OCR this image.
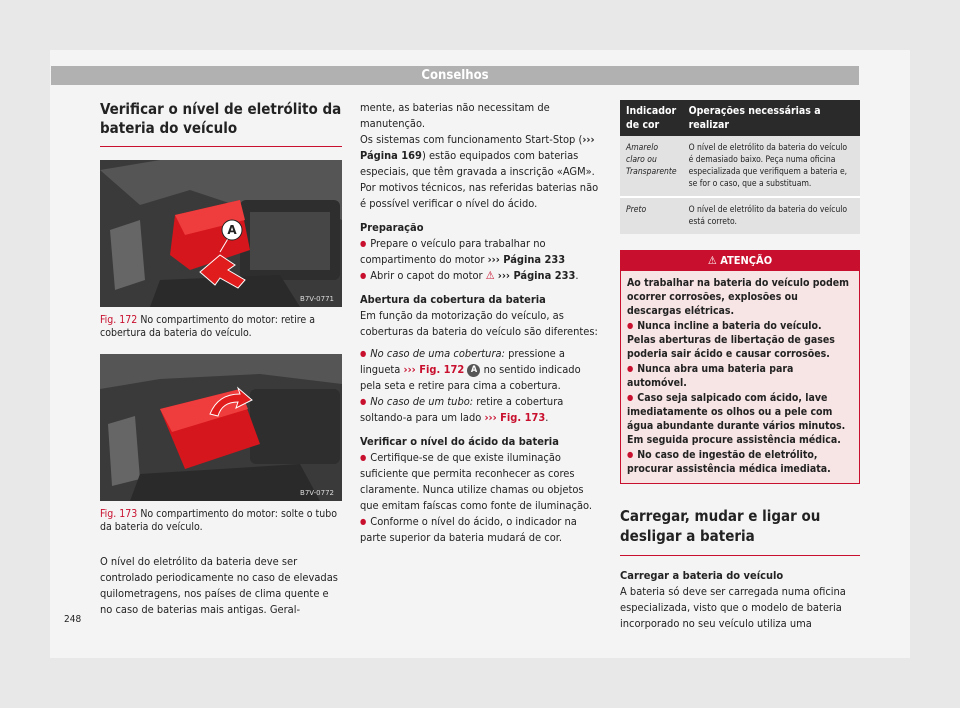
Conselhos
Verificar o nível de eletrólito da bateria do veículo
A
B7V-0771
Fig. 172 No compartimento do motor: retire a cobertura da bateria do veículo.
B7V-0772
Fig. 173 No compartimento do motor: solte o tubo da bateria do veículo.

O nível do eletrólito da bateria deve ser controlado periodicamente no caso de elevadas quilometragens, nos países de clima quente e no caso de baterias mais antigas. Geral-

mente, as baterias não necessitam de manutenção.

Os sistemas com funcionamento Start-Stop (››› Página 169) estão equipados com baterias especiais, que têm gravada a inscrição «AGM». Por motivos técnicos, nas referidas baterias não é possível verificar o nível do ácido.

Preparação

● Prepare o veículo para trabalhar no compartimento do motor ››› Página 233

● Abrir o capot do motor ⚠ ››› Página 233.

Abertura da cobertura da bateria

Em função da motorização do veículo, as coberturas da bateria do veículo são diferentes:

● No caso de uma cobertura: pressione a lingueta ››› Fig. 172 A no sentido indicado pela seta e retire para cima a cobertura.

● No caso de um tubo: retire a cobertura soltando-a para um lado ››› Fig. 173.

Verificar o nível do ácido da bateria

● Certifique-se de que existe iluminação suficiente que permita reconhecer as cores claramente. Nunca utilize chamas ou objetos que emitam faíscas como fonte de iluminação.

● Conforme o nível do ácido, o indicador na parte superior da bateria mudará de cor.

Indicador de cor	Operações necessárias a realizar
Amarelo claro ou Transparente	O nível de eletrólito da bateria do veículo é demasiado baixo. Peça numa oficina especializada que verifiquem a bateria e, se for o caso, que a substituam.
Preto	O nível de eletrólito da bateria do veículo está correto.
⚠ ATENÇÃO
Ao trabalhar na bateria do veículo podem ocorrer corrosões, explosões ou descargas elétricas.
● Nunca incline a bateria do veículo. Pelas aberturas de libertação de gases poderia sair ácido e causar corrosões.
● Nunca abra uma bateria para automóvel.
● Caso seja salpicado com ácido, lave imediatamente os olhos ou a pele com água abundante durante vários minutos. Em seguida procure assistência médica.
● No caso de ingestão de eletrólito, procurar assistência médica imediata.
Carregar, mudar e ligar ou desligar a bateria
Carregar a bateria do veículo

A bateria só deve ser carregada numa oficina especializada, visto que o modelo de bateria incorporado no seu veículo utiliza uma

248
